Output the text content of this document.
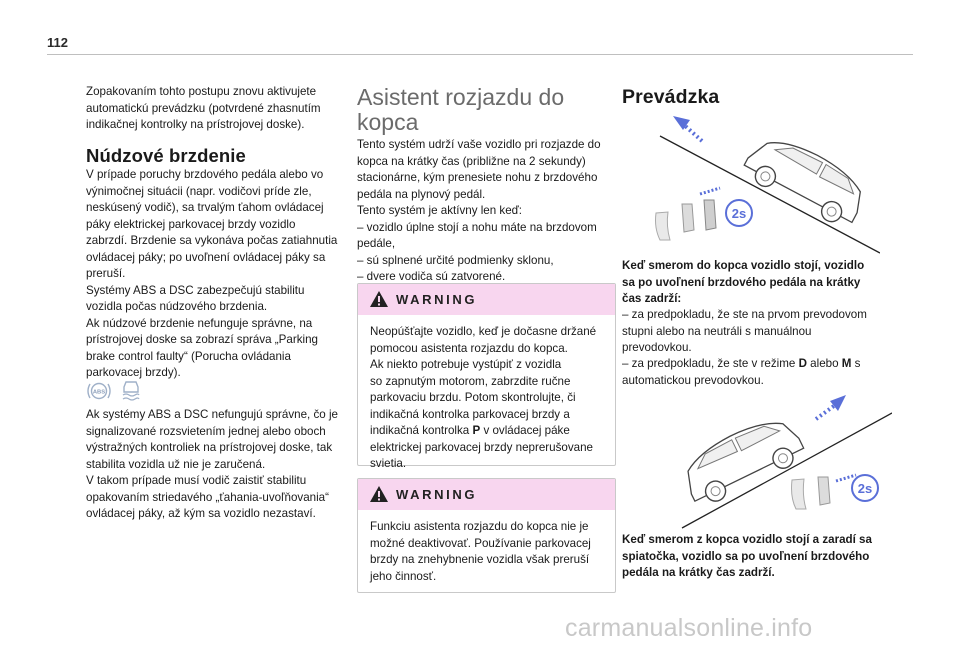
112

Zopakovaním tohto postupu znovu aktivujete
automatickú prevádzku (potvrdené zhasnutím
indikačnej kontrolky na prístrojovej doske).

Núdzové brzdenie

V prípade poruchy brzdového pedála alebo vo
výnimočnej situácii (napr. vodičovi príde zle,
neskúsený vodič), sa trvalým ťahom ovládacej
páky elektrickej parkovacej brzdy vozidlo
zabrzdí. Brzdenie sa vykonáva počas zatiahnutia
ovládacej páky; po uvoľnení ovládacej páky sa
preruší.
Systémy ABS a DSC zabezpečujú stabilitu
vozidla počas núdzového brzdenia.
Ak núdzové brzdenie nefunguje správne, na
prístrojovej doske sa zobrazí správa „Parking
brake control faulty“ (Porucha ovládania
parkovacej brzdy).

ABS

Ak systémy ABS a DSC nefungujú správne, čo je
signalizované rozsvietením jednej alebo oboch
výstražných kontroliek na prístrojovej doske, tak
stabilita vozidla už nie je zaručená.
V takom prípade musí vodič zaistiť stabilitu
opakovaním striedavého „ťahania-uvoľňovania“
ovládacej páky, až kým sa vozidlo nezastaví.

Asistent rozjazdu do
kopca

Tento systém udrží vaše vozidlo pri rozjazde do
kopca na krátky čas (približne na 2 sekundy)
stacionárne, kým prenesiete nohu z brzdového
pedála na plynový pedál.
Tento systém je aktívny len keď:
– vozidlo úplne stojí a nohu máte na brzdovom
pedále,
– sú splnené určité podmienky sklonu,
– dvere vodiča sú zatvorené.

WARNING
Neopúšťajte vozidlo, keď je dočasne držané
pomocou asistenta rozjazdu do kopca.
Ak niekto potrebuje vystúpiť z vozidla
so zapnutým motorom, zabrzdite ručne
parkovaciu brzdu. Potom skontrolujte, či
indikačná kontrolka parkovacej brzdy a
indikačná kontrolka P v ovládacej páke
elektrickej parkovacej brzdy neprerušovane
svietia.
WARNING
Funkciu asistenta rozjazdu do kopca nie je
možné deaktivovať. Používanie parkovacej
brzdy na znehybnenie vozidla však preruší
jeho činnosť.
Prevádzka
2s

Keď smerom do kopca vozidlo stojí, vozidlo
sa po uvoľnení brzdového pedála na krátky
čas zadrží:

– za predpokladu, že ste na prvom prevodovom
stupni alebo na neutráli s manuálnou
prevodovkou.

– za predpokladu, že ste v režime D alebo M s
automatickou prevodovkou.

2s

Keď smerom z kopca vozidlo stojí a zaradí sa
spiatočka, vozidlo sa po uvoľnení brzdového
pedála na krátky čas zadrží.

carmanualsonline.info
